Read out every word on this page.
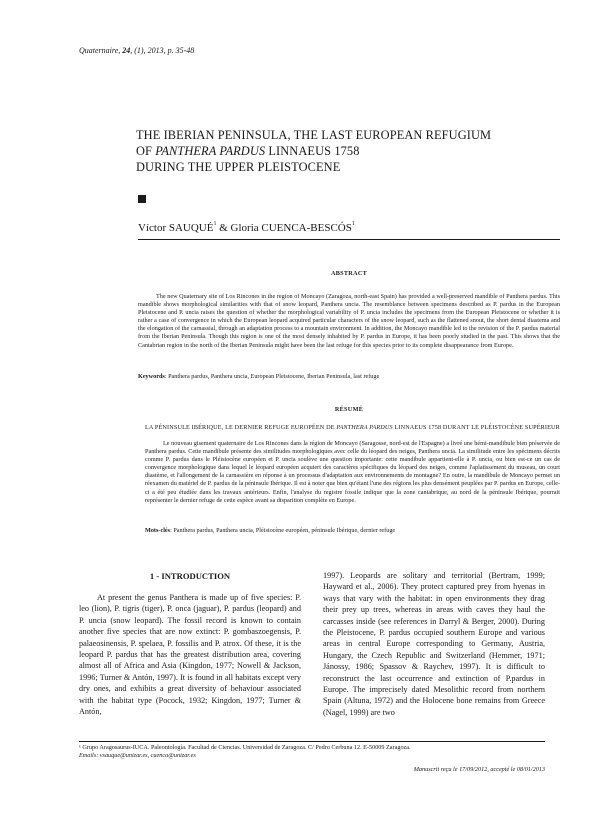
Quaternaire, 24, (1), 2013, p. 35-48
THE IBERIAN PENINSULA, THE LAST EUROPEAN REFUGIUM
OF PANTHERA PARDUS LINNAEUS 1758
DURING THE UPPER PLEISTOCENE
Víctor SAUQUÉ$^1$ & Gloria CUENCA-BESCÓS$^1$
ABSTRACT
The new Quaternary site of Los Rincones in the region of Moncayo (Zaragoza, north-east Spain) has provided a well-preserved mandible of Panthera pardus. This mandible shows morphological similarities with that of snow leopard, Panthera uncia. The resemblance between specimens described as P. pardus in the European Pleistocene and P. uncia raises the question of whether the morphological variability of P. uncia includes the specimens from the European Pleistocene or whether it is rather a case of convergence in which the European leopard acquired particular characters of the snow leopard, such as the flattened snout, the short dental diastema and the elongation of the carnassial, through an adaptation process to a mountain environment. In addition, the Moncayo mandible led to the revision of the P. pardus material from the Iberian Peninsula. Though this region is one of the most densely inhabited by P. pardus in Europe, it has been poorly studied in the past. This shows that the Cantabrian region in the north of the Iberian Peninsula might have been the last refuge for this species prior to its complete disappearance from Europe.
Keywords: Panthera pardus, Panthera uncia, European Pleistocene, Iberian Peninsula, last refuge
RÉSUMÉ
LA PÉNINSULE IBÉRIQUE, LE DERNIER REFUGE EUROPÉEN DE PANTHERA PARDUS LINNAEUS 1758 DURANT LE PLÉISTOCÈNE SUPÉRIEUR
Le nouveau gisement quaternaire de Los Rincones dans la région de Moncayo (Saragosse, nord-est de l'Espagne) a livré une hémi-mandibule bien préservée de Panthera pardus. Cette mandibule présente des similitudes morphologiques avec celle du léopard des neiges, Panthera uncia. La similitude entre les spécimens décrits comme P. pardus dans le Pléistocène européen et P. uncia soulève une question importante: cette mandibule appartient-elle à P. uncia, ou bien est-ce un cas de convergence morphologique dans lequel le léopard européen acquiert des caractères spécifiques du léopard des neiges, comme l'aplatissement du museau, un court diastème, et l'allongement de la carnassière en réponse à un processus d'adaptation aux environnements de montagne? En outre, la mandibule de Moncayo permet un réexamen du matériel de P. pardus de la péninsule Ibérique. Il est à noter que bien qu'étant l'une des régions les plus densément peuplées par P. pardus en Europe, celle-ci a été peu étudiée dans les travaux antérieurs. Enfin, l'analyse du registre fossile indique que la zone cantabrique, au nord de la péninsule Ibérique, pourrait représenter le dernier refuge de cette espèce avant sa disparition complète en Europe.
Mots-clés: Panthera pardus, Panthera uncia, Pléistocène européen, péninsule Ibérique, dernier refuge
1 - INTRODUCTION
At present the genus Panthera is made up of five species: P. leo (lion), P. tigris (tiger), P. onca (jaguar), P. pardus (leopard) and P. uncia (snow leopard). The fossil record is known to contain another five species that are now extinct: P. gombaszoegensis, P. palaeosinensis, P. spelaea, P. fossilis and P. atrox. Of these, it is the leopard P. pardus that has the greatest distribution area, covering almost all of Africa and Asia (Kingdon, 1977; Nowell & Jackson, 1996; Turner & Antón, 1997). It is found in all habitats except very dry ones, and exhibits a great diversity of behaviour associated with the habitat type (Pocock, 1932; Kingdon, 1977; Turner & Antón,
1997). Leopards are solitary and territorial (Bertram, 1999; Hayward et al., 2006). They protect captured prey from hyenas in ways that vary with the habitat: in open environments they drag their prey up trees, whereas in areas with caves they haul the carcasses inside (see references in Darryl & Berger, 2000). During the Pleistocene, P. pardus occupied southern Europe and various areas in central Europe corresponding to Germany, Austria, Hungary, the Czech Republic and Switzerland (Hemmer, 1971; Jánossy, 1986; Spassov & Raychev, 1997). It is difficult to reconstruct the last occurrence and extinction of P.pardus in Europe. The imprecisely dated Mesolithic record from northern Spain (Altuna, 1972) and the Holocene bone remains from Greece (Nagel, 1999) are two
¹ Grupo Aragosaurus-IUCA. Paleontología. Facultad de Ciencias. Universidad de Zaragoza. C/ Pedro Cerbuna 12. E-50009 Zaragoza.
Emails: vsauque@unizar.es, cuenca@unizar.es
Manuscrit reçu le 17/09/2012, accepté le 08/01/2013
